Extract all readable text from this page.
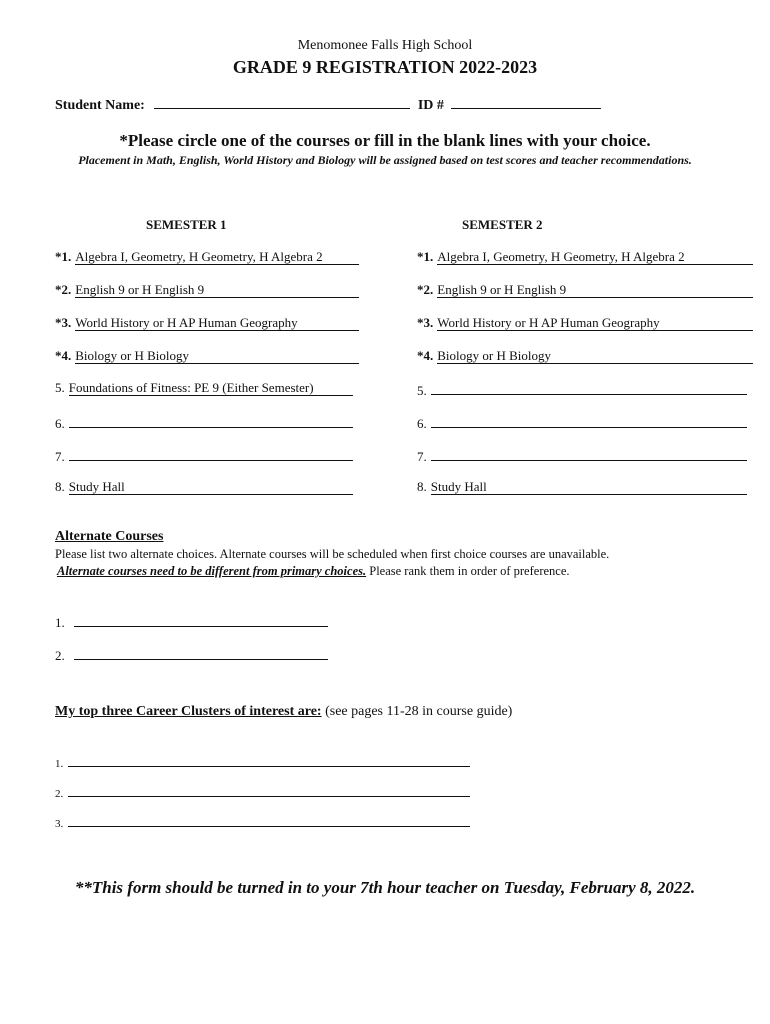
Menomonee Falls High School
GRADE 9 REGISTRATION 2022-2023
Student Name:	ID #
*Please circle one of the courses or fill in the blank lines with your choice.
Placement in Math, English, World History and Biology will be assigned based on test scores and teacher recommendations.
SEMESTER 1	SEMESTER 2
*1. Algebra I, Geometry, H Geometry, H Algebra 2
*2. English 9 or H English 9
*3. World History or H AP Human Geography
*4. Biology or H Biology
5. Foundations of Fitness: PE 9 (Either Semester)
6.
7.
8. Study Hall
*1. Algebra I, Geometry, H Geometry, H Algebra 2
*2. English 9 or H English 9
*3. World History or H AP Human Geography
*4. Biology or H Biology
5.
6.
7.
8. Study Hall
Alternate Courses
Please list two alternate choices. Alternate courses will be scheduled when first choice courses are unavailable.
Alternate courses need to be different from primary choices. Please rank them in order of preference.
1.
2.
My top three Career Clusters of interest are: (see pages 11-28 in course guide)
1.
2.
3.
**This form should be turned in to your 7th hour teacher on Tuesday, February 8, 2022.
